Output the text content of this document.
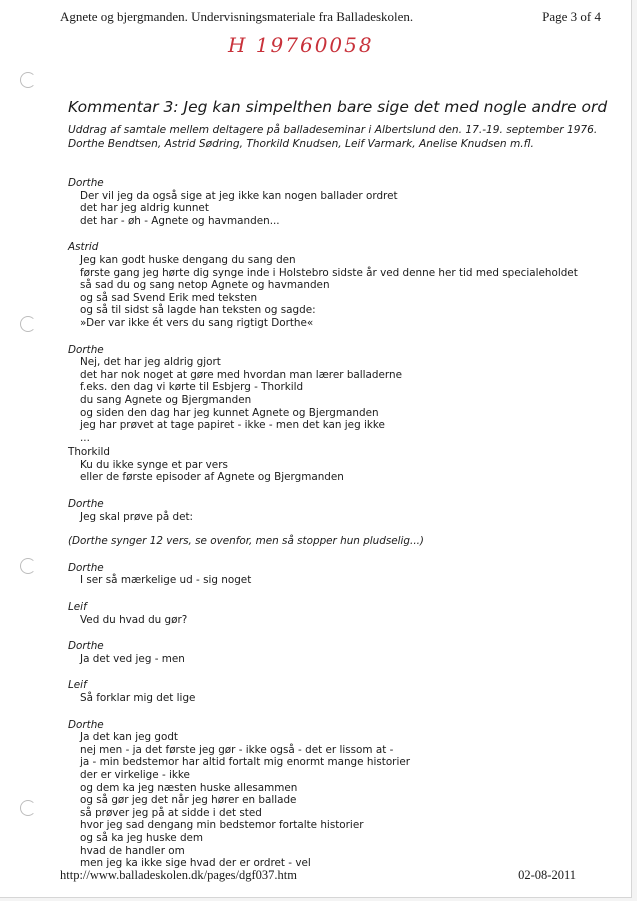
Agnete og bjergmanden. Undervisningsmateriale fra Balladeskolen.	Page 3 of 4
H 19760058
Kommentar 3: Jeg kan simpelthen bare sige det med nogle andre ord
Uddrag af samtale mellem deltagere på balladeseminar i Albertslund den. 17.-19. september 1976.
Dorthe Bendtsen, Astrid Sødring, Thorkild Knudsen, Leif Varmark, Anelise Knudsen m.fl.
Dorthe
Der vil jeg da også sige at jeg ikke kan nogen ballader ordret
det har jeg aldrig kunnet
det har - øh - Agnete og havmanden...
Astrid
Jeg kan godt huske dengang du sang den
første gang jeg hørte dig synge inde i Holstebro sidste år ved denne her tid med specialeholdet
så sad du og sang netop Agnete og havmanden
og så sad Svend Erik med teksten
og så til sidst så lagde han teksten og sagde:
»Der var ikke ét vers du sang rigtigt Dorthe«
Dorthe
Nej, det har jeg aldrig gjort
det har nok noget at gøre med hvordan man lærer balladerne
f.eks. den dag vi kørte til Esbjerg - Thorkild
du sang Agnete og Bjergmanden
og siden den dag har jeg kunnet Agnete og Bjergmanden
jeg har prøvet at tage papiret - ikke - men det kan jeg ikke
...
Thorkild
Ku du ikke synge et par vers
eller de første episoder af Agnete og Bjergmanden
Dorthe
Jeg skal prøve på det:
(Dorthe synger 12 vers, se ovenfor, men så stopper hun pludselig...)
Dorthe
I ser så mærkelige ud - sig noget
Leif
Ved du hvad du gør?
Dorthe
Ja det ved jeg - men
Leif
Så forklar mig det lige
Dorthe
Ja det kan jeg godt
nej men - ja det første jeg gør - ikke også - det er lissom at -
ja - min bedstemor har altid fortalt mig enormt mange historier
der er virkelige - ikke
og dem ka jeg næsten huske allesammen
og så gør jeg det når jeg hører en ballade
så prøver jeg på at sidde i det sted
hvor jeg sad dengang min bedstemor fortalte historier
og så ka jeg huske dem
hvad de handler om
men jeg ka ikke sige hvad der er ordret - vel
http://www.balladeskolen.dk/pages/dgf037.htm	02-08-2011
